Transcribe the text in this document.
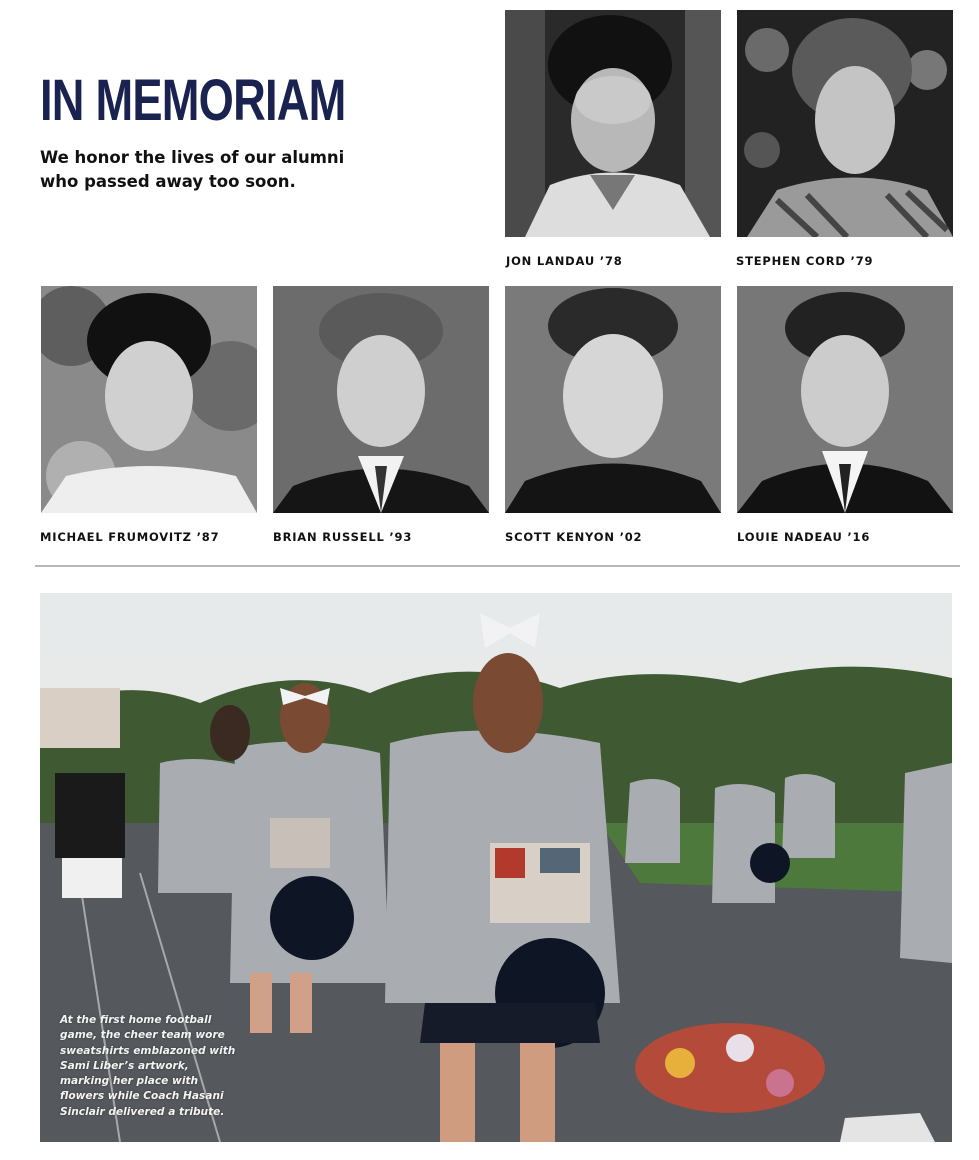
IN MEMORIAM

We honor the lives of our alumni who passed away too soon.

JON LANDAU ’78	STEPHEN CORD ’79

MICHAEL FRUMOVITZ ’87	BRIAN RUSSELL ’93	SCOTT KENYON ’02	LOUIE NADEAU ’16

At the first home football game, the cheer team wore sweatshirts emblazoned with Sami Liber’s artwork, marking her place with flowers while Coach Hasani Sinclair delivered a tribute.
